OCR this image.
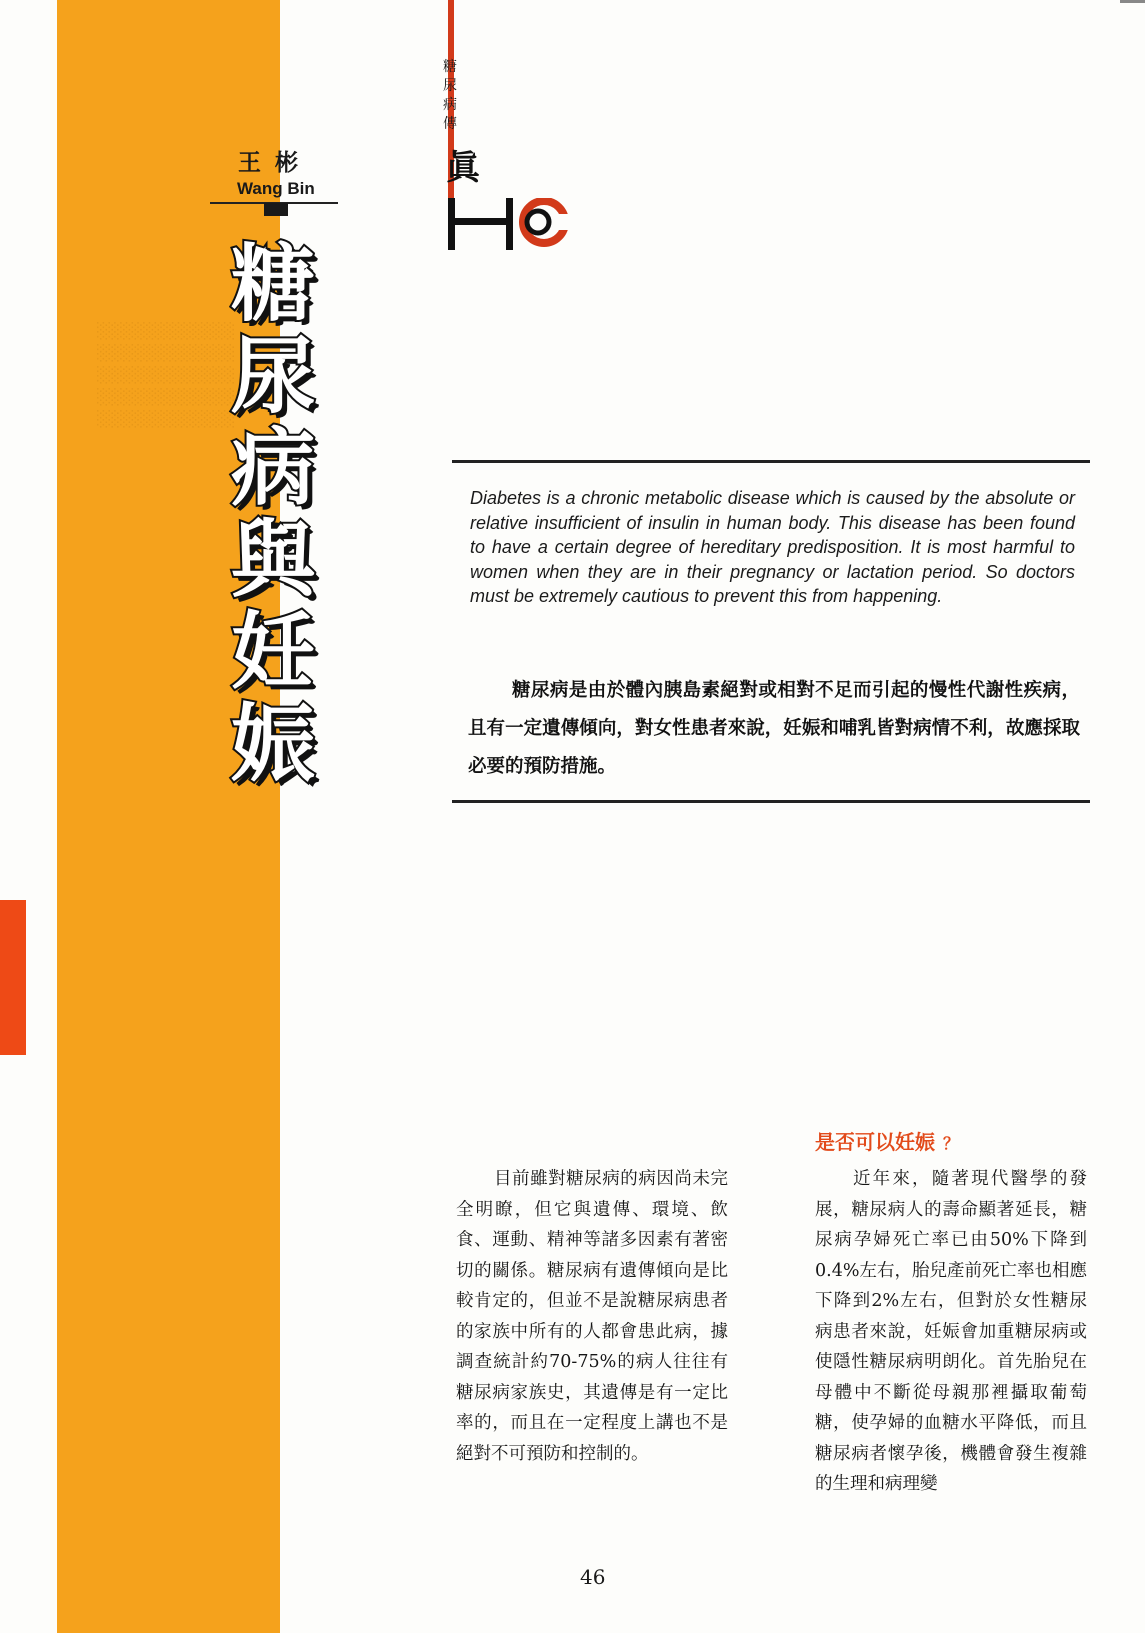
░░░░░░░░░░░░
░░░░░░░░░░░░
░░░░░░░░░░░░
░░░░░░░░░░░░
░░░░░░░░░░░░
王彬
Wang Bin
糖
尿
病
與
妊
娠
糖
尿
病
傳
眞
Diabetes is a chronic metabolic disease which is caused by the absolute or relative insufficient of insulin in human body. This disease has been found to have a certain degree of hereditary predisposition. It is most harmful to women when they are in their pregnancy or lactation period. So doctors must be extremely cautious to prevent this from happening.
糖尿病是由於體內胰島素絕對或相對不足而引起的慢性代謝性疾病，且有一定遺傳傾向，對女性患者來說，妊娠和哺乳皆對病情不利，故應採取必要的預防措施。
目前雖對糖尿病的病因尚未完全明瞭，但它與遺傳、環境、飲食、運動、精神等諸多因素有著密切的關係。糖尿病有遺傳傾向是比較肯定的，但並不是說糖尿病患者的家族中所有的人都會患此病，據調查統計約70-75%的病人往往有糖尿病家族史，其遺傳是有一定比率的，而且在一定程度上講也不是絕對不可預防和控制的。
是否可以妊娠 ？
近年來，隨著現代醫學的發展，糖尿病人的壽命顯著延長，糖尿病孕婦死亡率已由50%下降到0.4%左右，胎兒產前死亡率也相應下降到2%左右，但對於女性糖尿病患者來說，妊娠會加重糖尿病或使隱性糖尿病明朗化。首先胎兒在母體中不斷從母親那裡攝取葡萄糖，使孕婦的血糖水平降低，而且糖尿病者懷孕後，機體會發生複雜的生理和病理變
46
